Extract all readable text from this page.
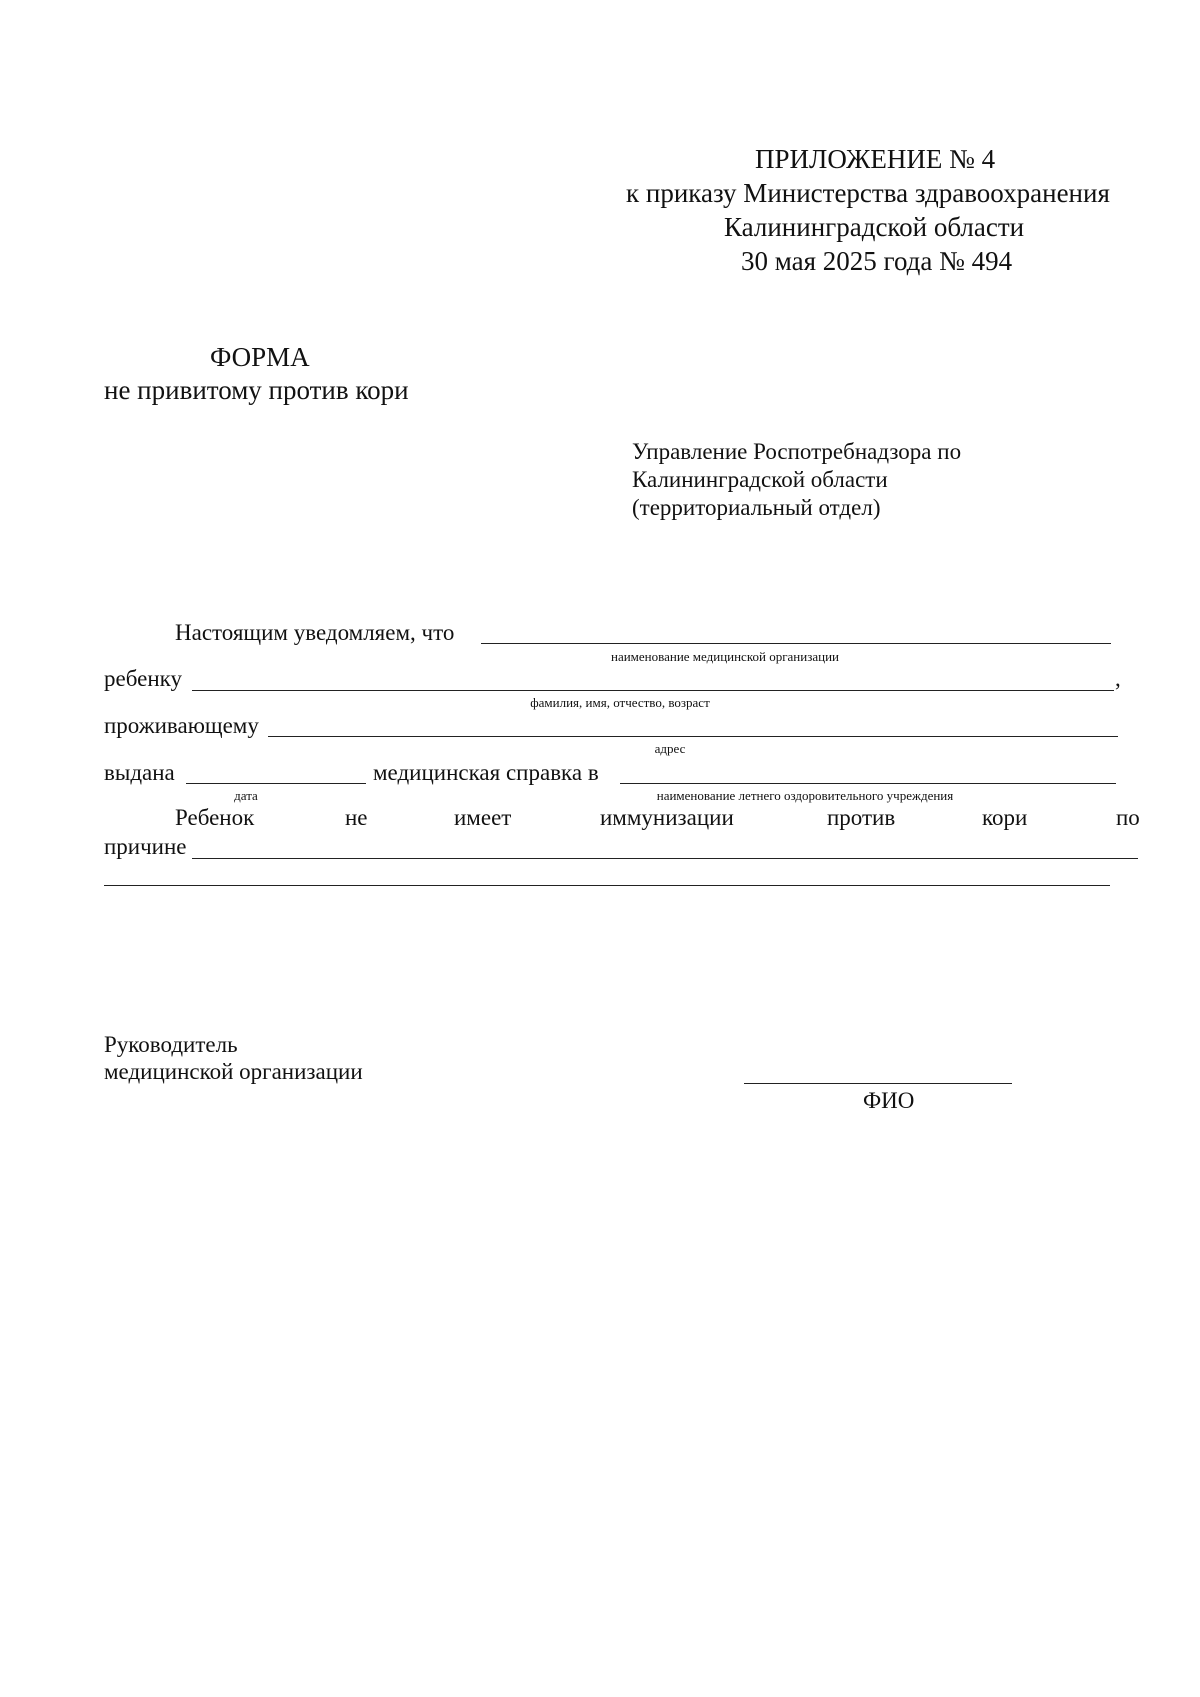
ПРИЛОЖЕНИЕ № 4
к приказу Министерства здравоохранения
Калининградской области
30 мая 2025 года № 494
ФОРМА
не привитому против кори
Управление Роспотребнадзора по
Калининградской области
(территориальный отдел)
Настоящим уведомляем, что
наименование медицинской организации
ребенку	,
фамилия, имя, отчество, возраст
проживающему
адрес
выдана
дата
медицинская справка в
наименование летнего оздоровительного учреждения
Ребенок	не	имеет	иммунизации	против	кори	по
причине
Руководитель
медицинской организации
ФИО
